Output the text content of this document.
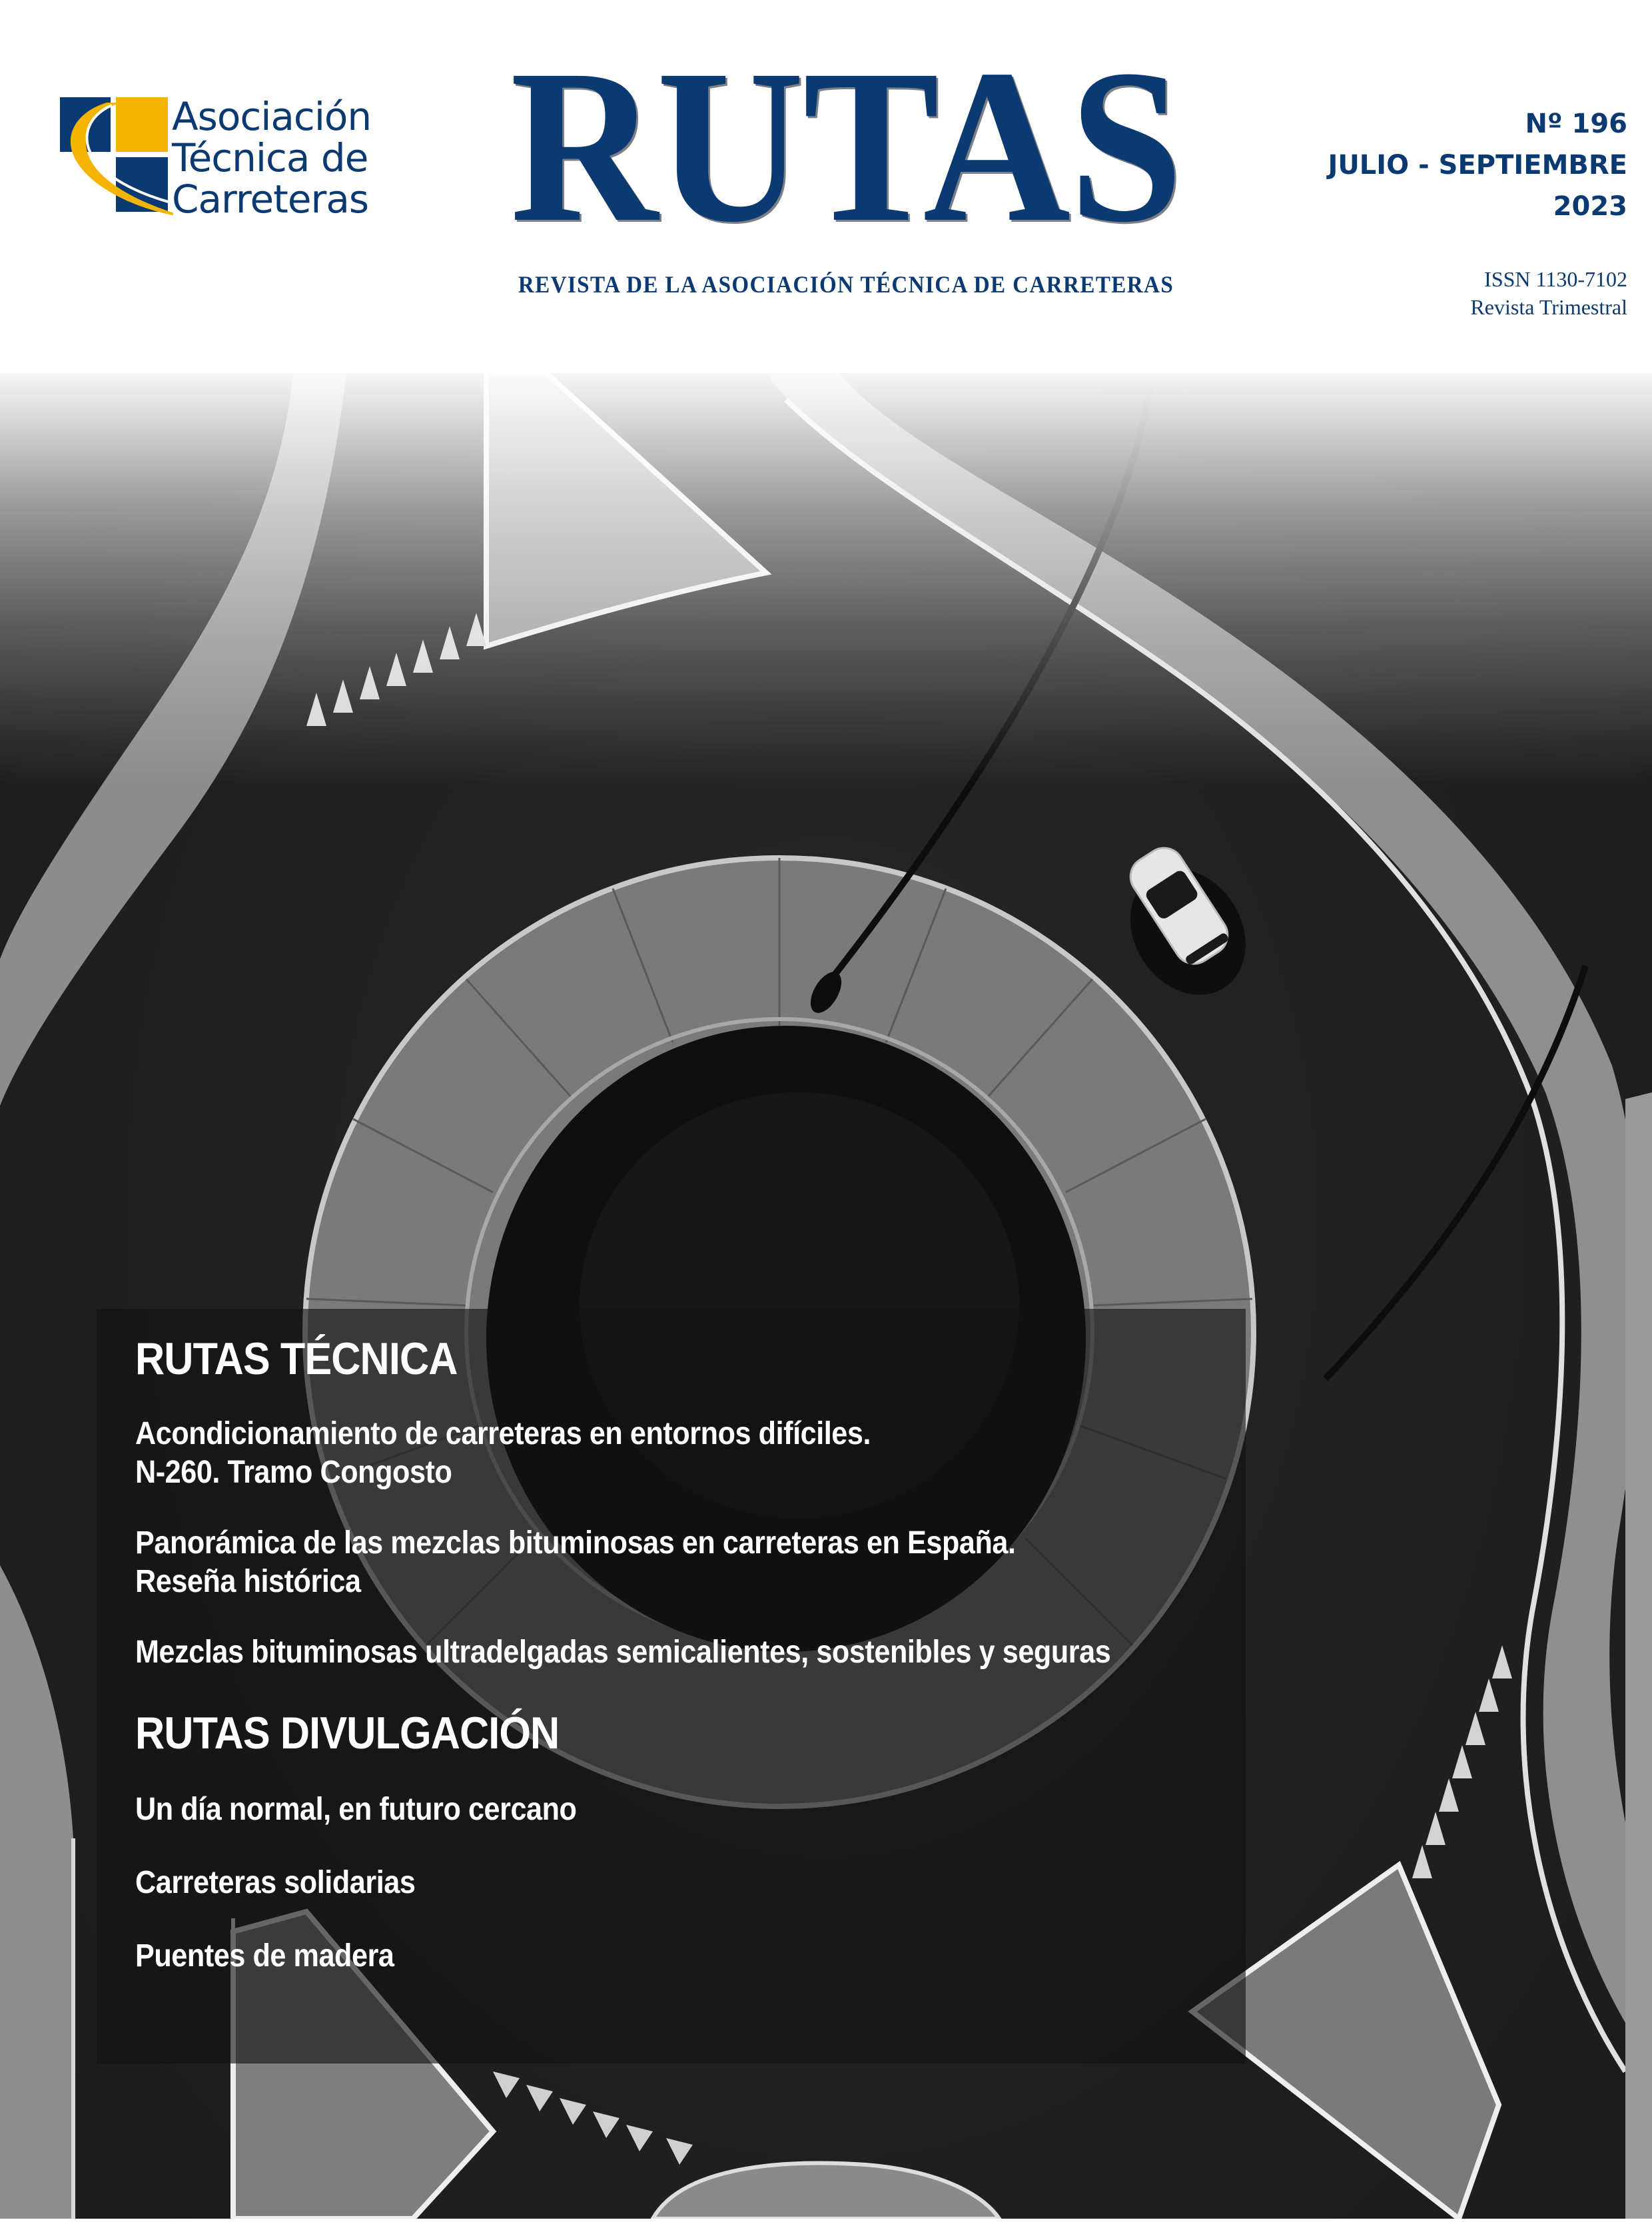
Asociación
Técnica de
Carreteras RUTAS
REVISTA DE LA ASOCIACIÓN TÉCNICA DE CARRETERAS
Nº 196
JULIO - SEPTIEMBRE
2023
ISSN 1130-7102
Revista Trimestral
RUTAS TÉCNICA
Acondicionamiento de carreteras en entornos difíciles.
N-260. Tramo Congosto
Panorámica de las mezclas bituminosas en carreteras en España.
Reseña histórica
Mezclas bituminosas ultradelgadas semicalientes, sostenibles y seguras
RUTAS DIVULGACIÓN
Un día normal, en futuro cercano
Carreteras solidarias
Puentes de madera
